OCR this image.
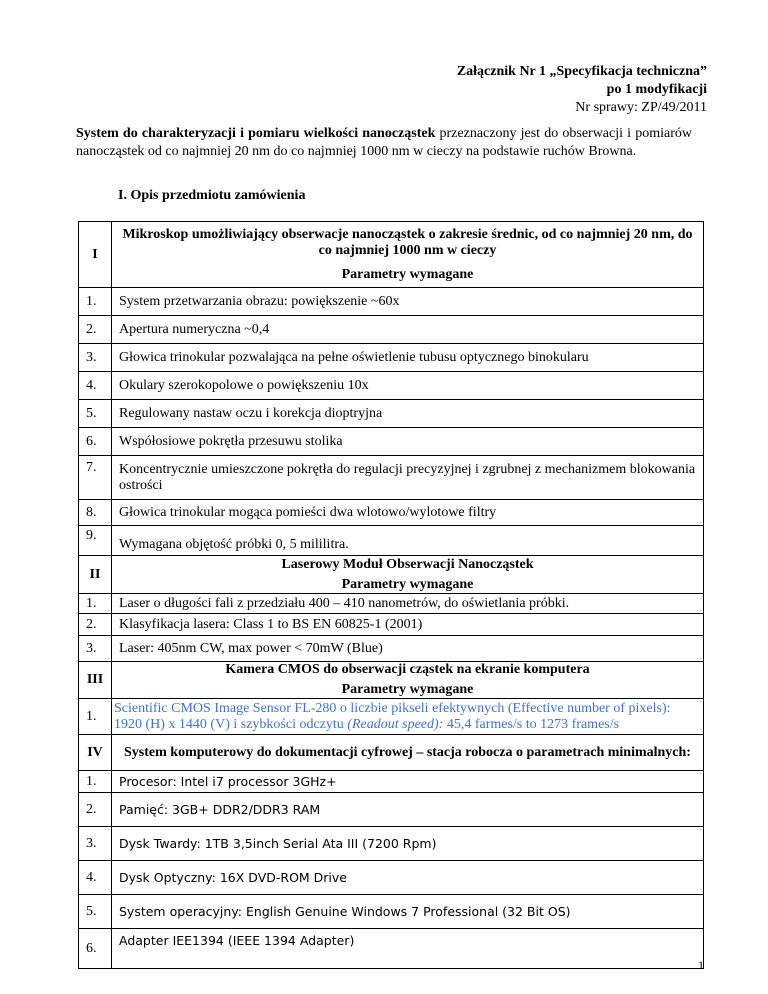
Załącznik Nr 1 „Specyfikacja techniczna”
po 1 modyfikacji
Nr sprawy: ZP/49/2011
System do charakteryzacji i pomiaru wielkości nanocząstek przeznaczony jest do obserwacji i pomiarów nanocząstek od co najmniej 20 nm do co najmniej 1000 nm w cieczy na podstawie ruchów Browna.
I. Opis przedmiotu zamówienia
I	Mikroskop umożliwiający obserwacje nanocząstek o zakresie średnic, od co najmniej 20 nm, do co najmniej 1000 nm w cieczy
Parametry wymagane

1.	System przetwarzania obrazu: powiększenie ~60x
2.	Apertura numeryczna ~0,4
3.	Głowica trinokular pozwalająca na pełne oświetlenie tubusu optycznego binokularu
4.	Okulary szerokopolowe o powiększeniu 10x
5.	Regulowany nastaw oczu i korekcja dioptryjna
6.	Współosiowe pokrętła przesuwu stolika
7.	Koncentrycznie umieszczone pokrętła do regulacji precyzyjnej i zgrubnej z mechanizmem blokowania ostrości
8.	Głowica trinokular mogąca pomieści dwa wlotowo/wylotowe filtry
9.	Wymagana objętość próbki 0, 5 mililitra.
II	Laserowy Moduł Obserwacji Nanocząstek
Parametry wymagane

1.	Laser o długości fali z przedziału 400 – 410 nanometrów, do oświetlania próbki.
2.	Klasyfikacja lasera: Class 1 to BS EN 60825-1 (2001)
3.	Laser: 405nm CW, max power < 70mW (Blue)
III	Kamera CMOS do obserwacji cząstek na ekranie komputera
Parametry wymagane

1.	Scientific CMOS Image Sensor FL-280 o liczbie pikseli efektywnych (Effective number of pixels): 1920 (H) x 1440 (V) i szybkości odczytu (Readout speed): 45,4 farmes/s to 1273 frames/s
IV	System komputerowy do dokumentacji cyfrowej – stacja robocza o parametrach minimalnych:

1.	Procesor: Intel i7 processor 3GHz+
2.	Pamięć: 3GB+ DDR2/DDR3 RAM
3.	Dysk Twardy: 1TB 3,5inch Serial Ata III (7200 Rpm)
4.	Dysk Optyczny: 16X DVD-ROM Drive
5.	System operacyjny: English Genuine Windows 7 Professional (32 Bit OS)
6.	Adapter IEE1394 (IEEE 1394 Adapter)
1
